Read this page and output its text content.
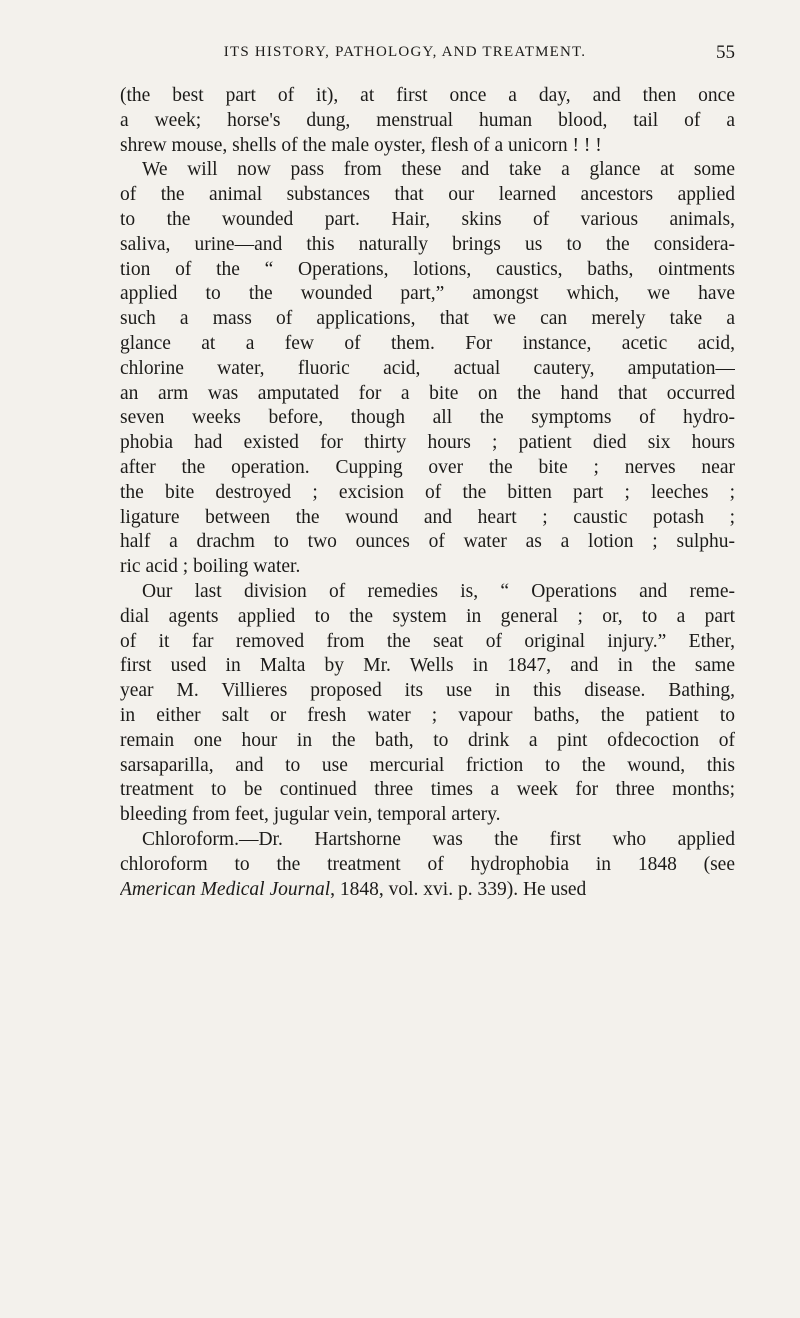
ITS HISTORY, PATHOLOGY, AND TREATMENT.	55
(the best part of it), at first once a day, and then once
a week; horse's dung, menstrual human blood, tail of a
shrew mouse, shells of the male oyster, flesh of a unicorn ! ! !
We will now pass from these and take a glance at some
of the animal substances that our learned ancestors applied
to the wounded part. Hair, skins of various animals,
saliva, urine—and this naturally brings us to the considera-
tion of the “ Operations, lotions, caustics, baths, ointments
applied to the wounded part,” amongst which, we have
such a mass of applications, that we can merely take a
glance at a few of them. For instance, acetic acid,
chlorine water, fluoric acid, actual cautery, amputation—
an arm was amputated for a bite on the hand that occurred
seven weeks before, though all the symptoms of hydro-
phobia had existed for thirty hours ; patient died six hours
after the operation. Cupping over the bite ; nerves near
the bite destroyed ; excision of the bitten part ; leeches ;
ligature between the wound and heart ; caustic potash ;
half a drachm to two ounces of water as a lotion ; sulphu-
ric acid ; boiling water.
Our last division of remedies is, “ Operations and reme-
dial agents applied to the system in general ; or, to a part
of it far removed from the seat of original injury.” Ether,
first used in Malta by Mr. Wells in 1847, and in the same
year M. Villieres proposed its use in this disease. Bathing,
in either salt or fresh water ; vapour baths, the patient to
remain one hour in the bath, to drink a pint ofdecoction of
sarsaparilla, and to use mercurial friction to the wound, this
treatment to be continued three times a week for three months;
bleeding from feet, jugular vein, temporal artery.
Chloroform.—Dr. Hartshorne was the first who applied
chloroform to the treatment of hydrophobia in 1848 (see
American Medical Journal, 1848, vol. xvi. p. 339). He used
